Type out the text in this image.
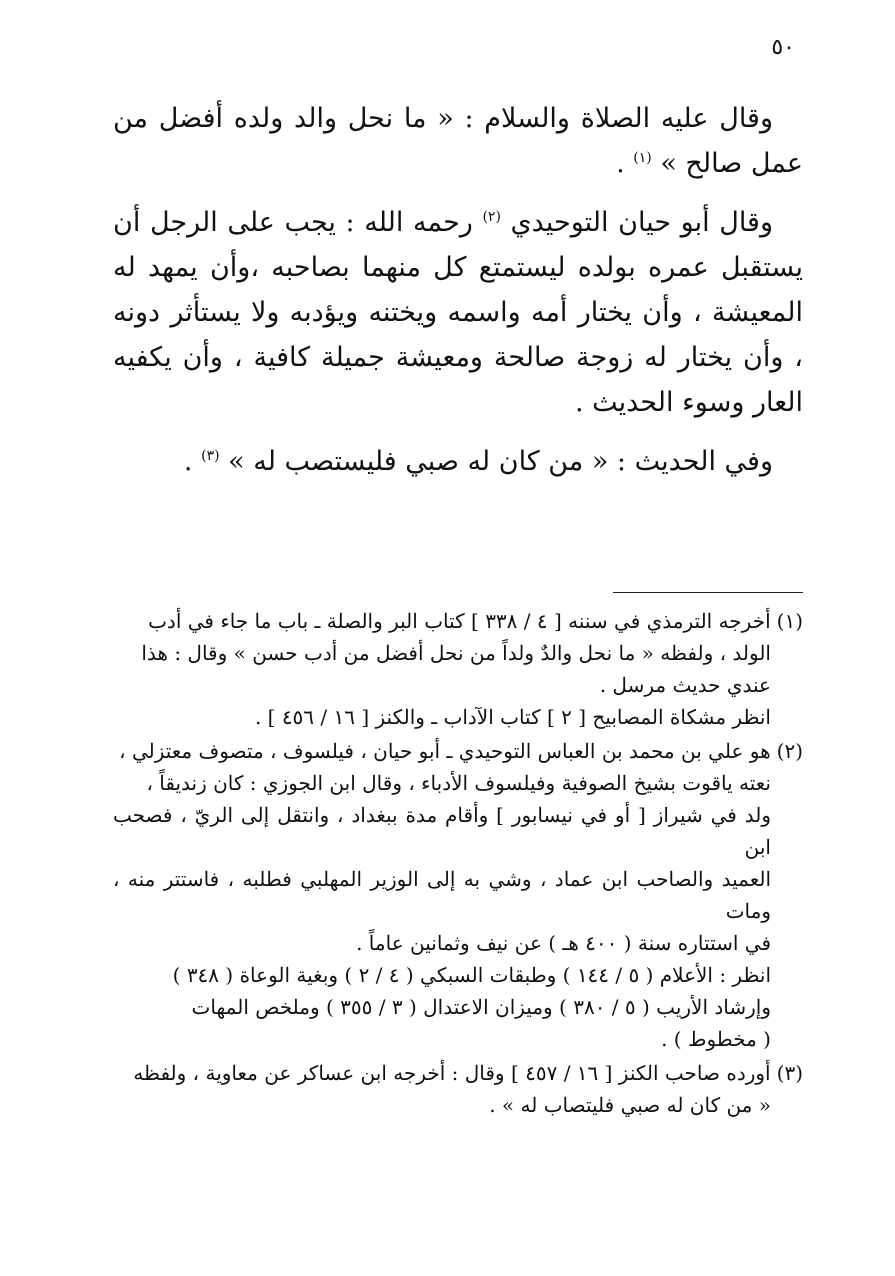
٥٠

وقال عليه الصلاة والسلام : « ما نحل والد ولده أفضل من عمل صالح » $^{(١)}$ .

وقال أبو حيان التوحيدي $^{(٢)}$ رحمه الله : يجب على الرجل أن يستقبل عمره بولده ليستمتع كل منهما بصاحبه ،وأن يمهد له المعيشة ، وأن يختار أمه واسمه ويختنه ويؤدبه ولا يستأثر دونه ، وأن يختار له زوجة صالحة ومعيشة جميلة كافية ، وأن يكفيه العار وسوء الحديث .

وفي الحديث : « من كان له صبي فليستصب له » $^{(٣)}$ .

(١)أخرجه الترمذي في سننه [ ٤ / ٣٣٨ ] كتاب البر والصلة ـ باب ما جاء في أدب
الولد ، ولفظه « ما نحل والدٌ ولداً من نحل أفضل من أدب حسن » وقال : هذا
عندي حديث مرسل .
انظر مشكاة المصابيح [ ٢ ] كتاب الآداب ـ والكنز [ ١٦ / ٤٥٦ ] .
(٢)هو علي بن محمد بن العباس التوحيدي ـ أبو حيان ، فيلسوف ، متصوف معتزلي ،
نعته ياقوت بشيخ الصوفية وفيلسوف الأدباء ، وقال ابن الجوزي : كان زنديقاً ،
ولد في شيراز [ أو في نيسابور ] وأقام مدة ببغداد ، وانتقل إلى الريّ ، فصحب ابن
العميد والصاحب ابن عماد ، وشي به إلى الوزير المهلبي فطلبه ، فاستتر منه ، ومات
في استتاره سنة ( ٤٠٠ هـ ) عن نيف وثمانين عاماً .
انظر : الأعلام ( ٥ / ١٤٤ ) وطبقات السبكي ( ٤ / ٢ ) وبغية الوعاة ( ٣٤٨ )
وإرشاد الأريب ( ٥ / ٣٨٠ ) وميزان الاعتدال ( ٣ / ٣٥٥ ) وملخص المهات
( مخطوط ) .
(٣)أورده صاحب الكنز [ ١٦ / ٤٥٧ ] وقال : أخرجه ابن عساكر عن معاوية ، ولفظه
« من كان له صبي فليتصاب له » .
